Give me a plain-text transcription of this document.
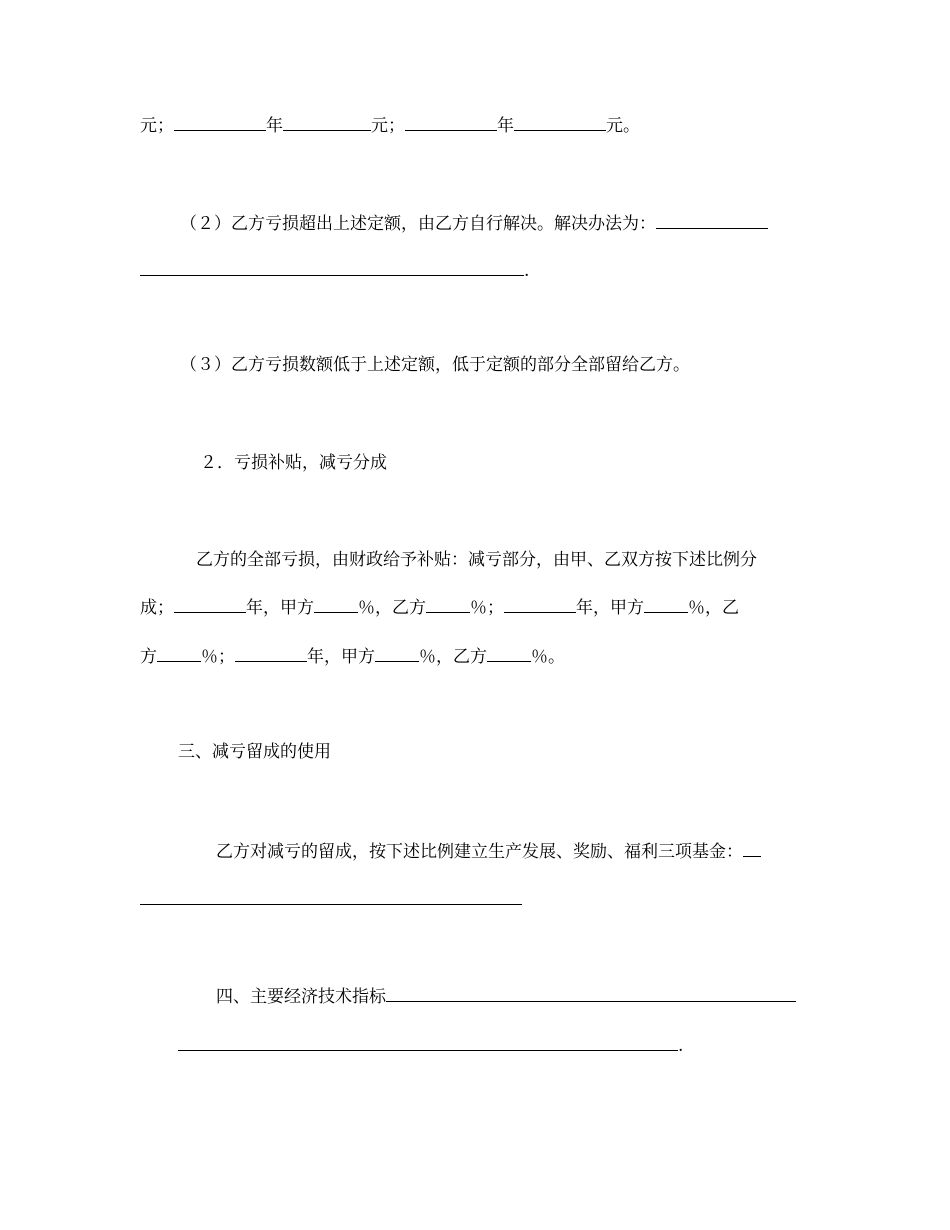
元；	年	元；	年	元。
（２）乙方亏损超出上述定额，由乙方自行解决。解决办法为：
.
（３）乙方亏损数额低于上述定额，低于定额的部分全部留给乙方。
２．亏损补贴，减亏分成
乙方的全部亏损，由财政给予补贴：减亏部分，由甲、乙双方按下述比例分
成；	年，甲方	％，乙方	％；	年，甲方	％，乙
方	％；	年，甲方	％，乙方	％。
三、减亏留成的使用
乙方对减亏的留成，按下述比例建立生产发展、奖励、福利三项基金：
四、主要经济技术指标
.
